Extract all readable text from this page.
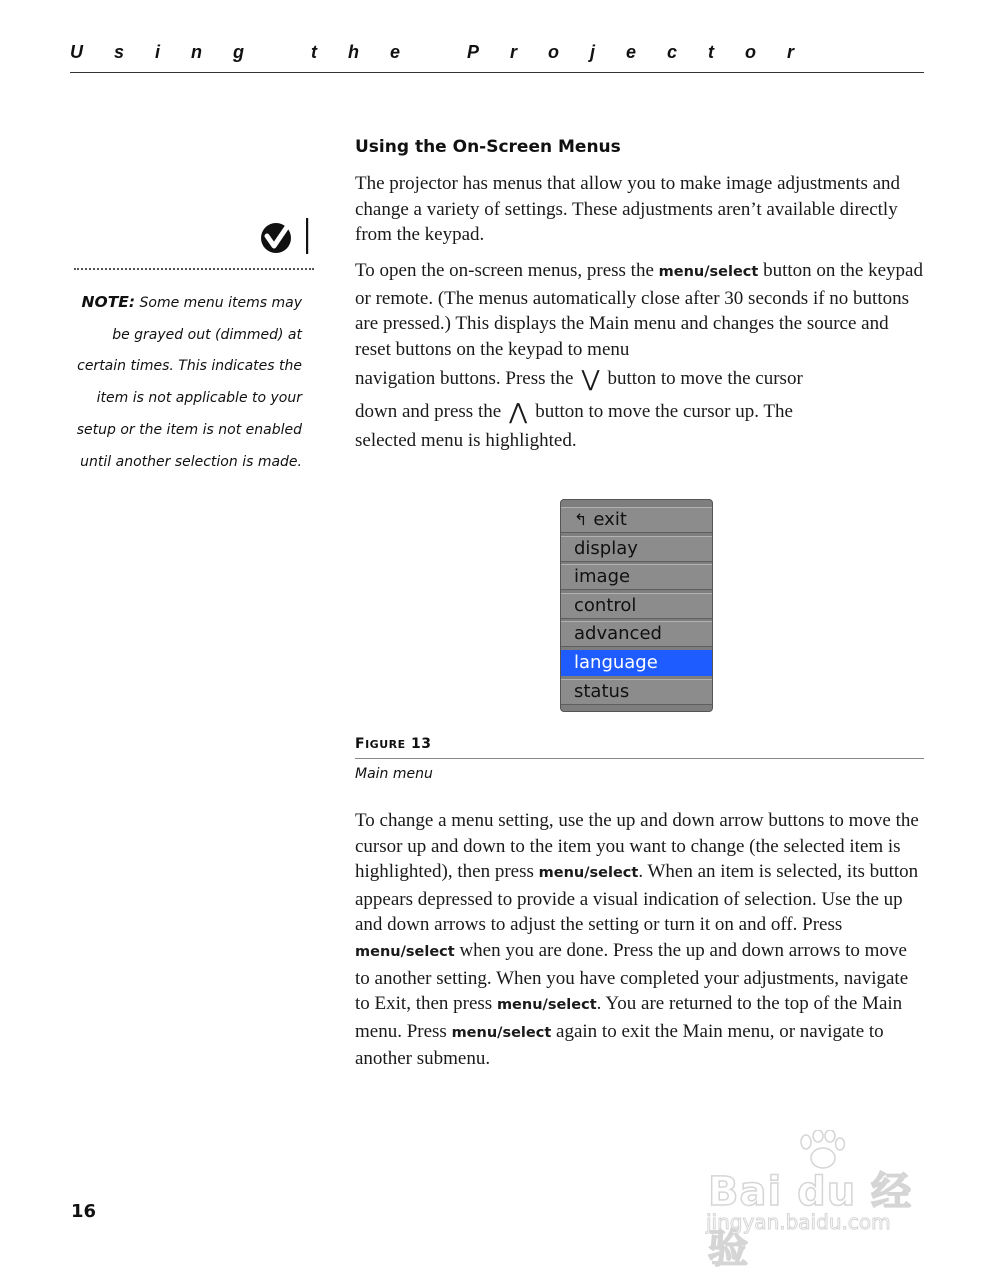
Using the Projector
NOTE: Some menu items may be grayed out (dimmed) at certain times. This indicates the item is not applicable to your setup or the item is not enabled until another selection is made.
Using the On-Screen Menus

The projector has menus that allow you to make image adjustments and change a variety of settings. These adjustments aren’t available directly from the keypad.

To open the on-screen menus, press the menu/select button on the keypad or remote. (The menus automatically close after 30 seconds if no buttons are pressed.) This displays the Main menu and changes the source and reset buttons on the keypad to menu
navigation buttons. Press the ⋁ button to move the cursor
down and press the ⋀ button to move the cursor up. The
selected menu is highlighted.
↰ exit
display
image
control
advanced
language
status
FIGURE 13
Main menu
To change a menu setting, use the up and down arrow buttons to move the cursor up and down to the item you want to change (the selected item is highlighted), then press menu/select. When an item is selected, its button appears depressed to provide a visual indication of selection. Use the up and down arrows to adjust the setting or turn it on and off. Press menu/select when you are done. Press the up and down arrows to move to another setting. When you have completed your adjustments, navigate to Exit, then press menu/select. You are returned to the top of the Main menu. Press menu/select again to exit the Main menu, or navigate to another submenu.
16	Bai du 经验
jingyan.baidu.com
